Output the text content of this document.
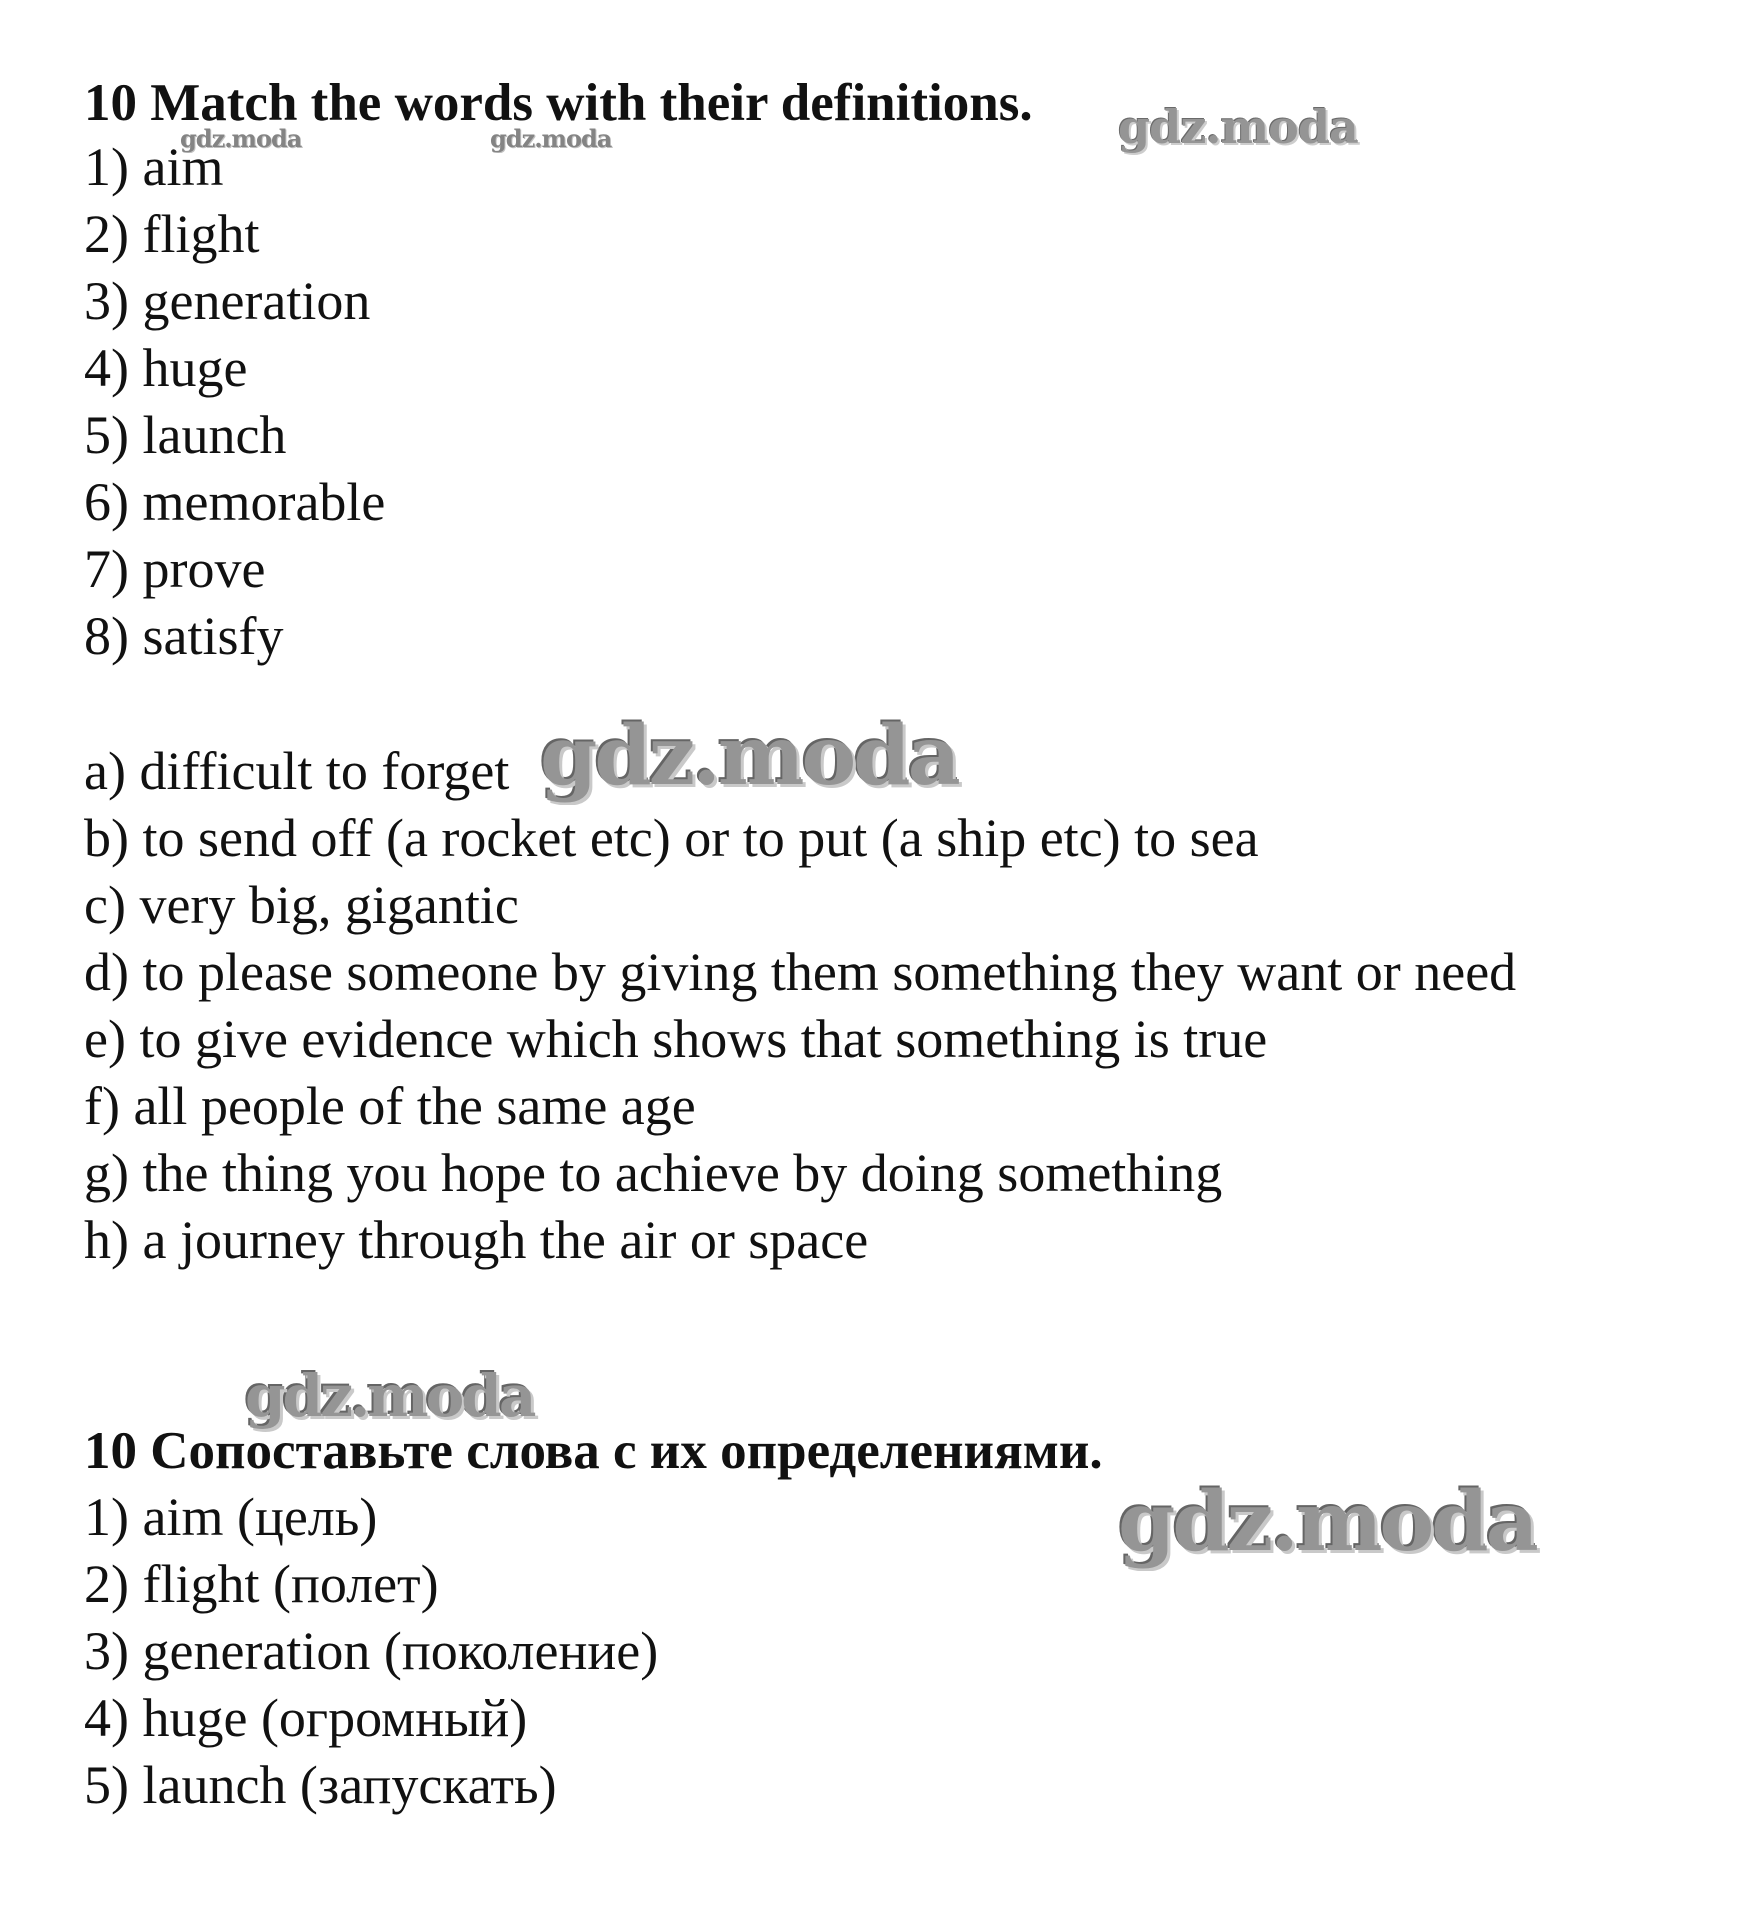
10 Match the words with their definitions.
1) aim
2) flight
3) generation
4) huge
5) launch
6) memorable
7) prove
8) satisfy
a) difficult to forget
b) to send off (a rocket etc) or to put (a ship etc) to sea
c) very big, gigantic
d) to please someone by giving them something they want or need
e) to give evidence which shows that something is true
f) all people of the same age
g) the thing you hope to achieve by doing something
h) a journey through the air or space
10 Сопоставьте слова с их определениями.
1) aim (цель)
2) flight (полет)
3) generation (поколение)
4) huge (огромный)
5) launch (запускать)
gdz.moda	gdz.moda	gdz.moda
gdz.moda
gdz.moda
gdz.moda
